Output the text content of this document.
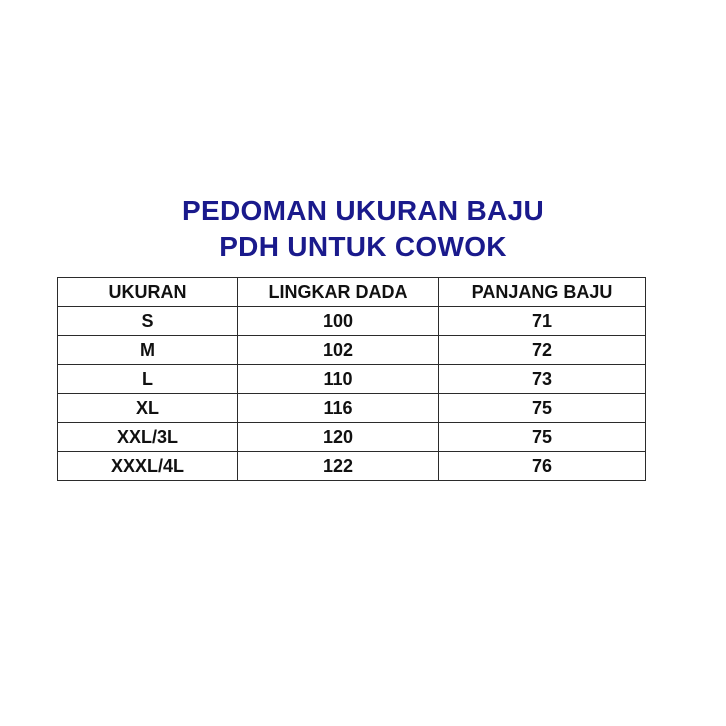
PEDOMAN UKURAN BAJU
PDH UNTUK COWOK
UKURAN	LINGKAR DADA	PANJANG BAJU
S	100	71
M	102	72
L	110	73
XL	116	75
XXL/3L	120	75
XXXL/4L	122	76
